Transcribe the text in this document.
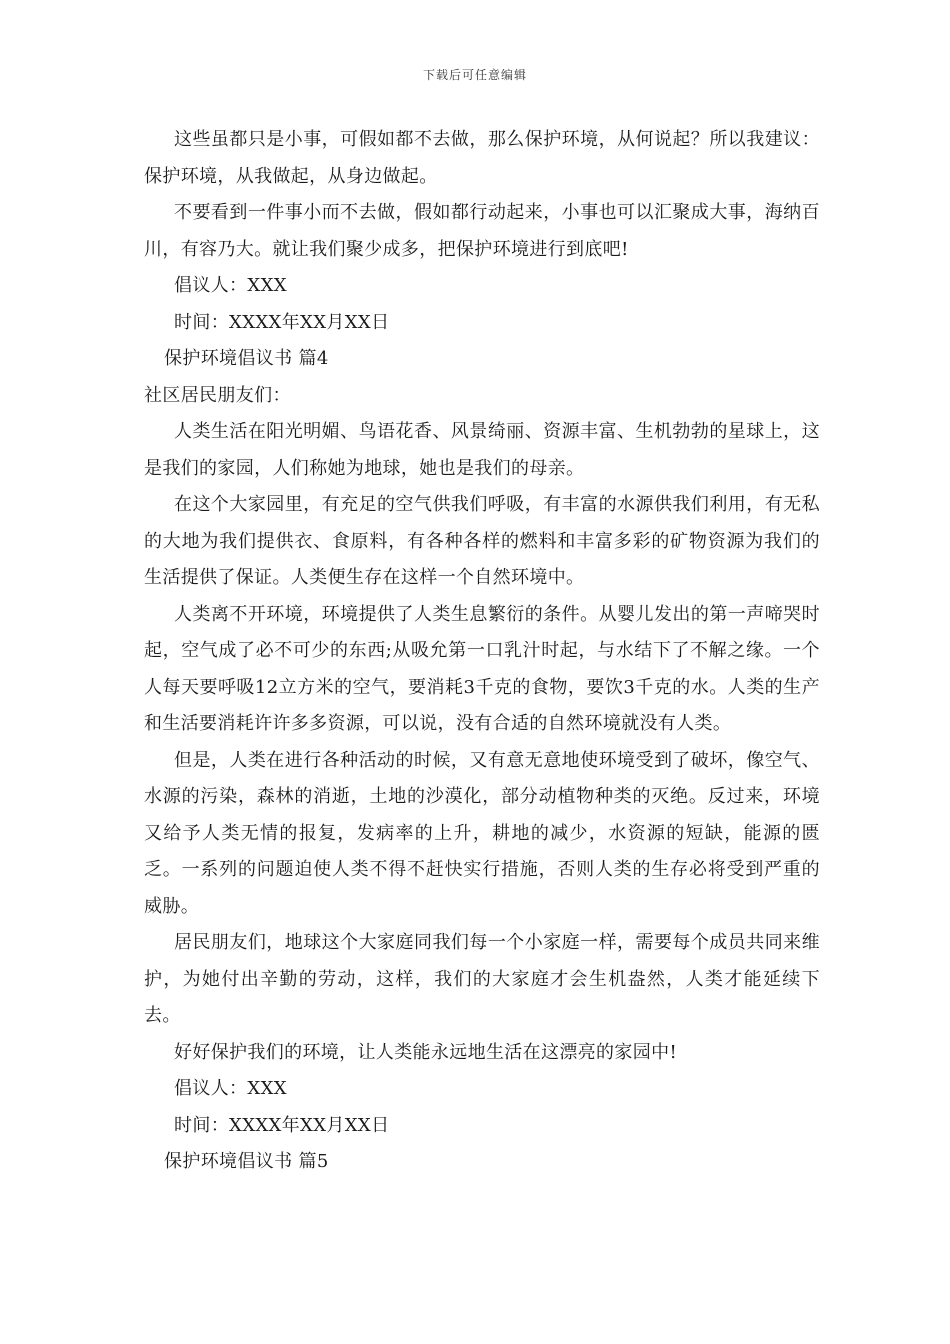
下载后可任意编辑

这些虽都只是小事，可假如都不去做，那么保护环境，从何说起？所以我建议：保护环境，从我做起，从身边做起。

不要看到一件事小而不去做，假如都行动起来，小事也可以汇聚成大事，海纳百川，有容乃大。就让我们聚少成多，把保护环境进行到底吧!

倡议人：XXX

时间：XXXX年XX月XX日

保护环境倡议书 篇4

社区居民朋友们：

人类生活在阳光明媚、鸟语花香、风景绮丽、资源丰富、生机勃勃的星球上，这是我们的家园，人们称她为地球，她也是我们的母亲。

在这个大家园里，有充足的空气供我们呼吸，有丰富的水源供我们利用，有无私的大地为我们提供衣、食原料，有各种各样的燃料和丰富多彩的矿物资源为我们的生活提供了保证。人类便生存在这样一个自然环境中。

人类离不开环境，环境提供了人类生息繁衍的条件。从婴儿发出的第一声啼哭时起，空气成了必不可少的东西;从吸允第一口乳汁时起，与水结下了不解之缘。一个人每天要呼吸12立方米的空气，要消耗3千克的食物，要饮3千克的水。人类的生产和生活要消耗许许多多资源，可以说，没有合适的自然环境就没有人类。

但是，人类在进行各种活动的时候，又有意无意地使环境受到了破坏，像空气、水源的污染，森林的消逝，土地的沙漠化，部分动植物种类的灭绝。反过来，环境又给予人类无情的报复，发病率的上升，耕地的减少，水资源的短缺，能源的匮乏。一系列的问题迫使人类不得不赶快实行措施，否则人类的生存必将受到严重的威胁。

居民朋友们，地球这个大家庭同我们每一个小家庭一样，需要每个成员共同来维护，为她付出辛勤的劳动，这样，我们的大家庭才会生机盎然，人类才能延续下去。

好好保护我们的环境，让人类能永远地生活在这漂亮的家园中!

倡议人：XXX

时间：XXXX年XX月XX日

保护环境倡议书 篇5
